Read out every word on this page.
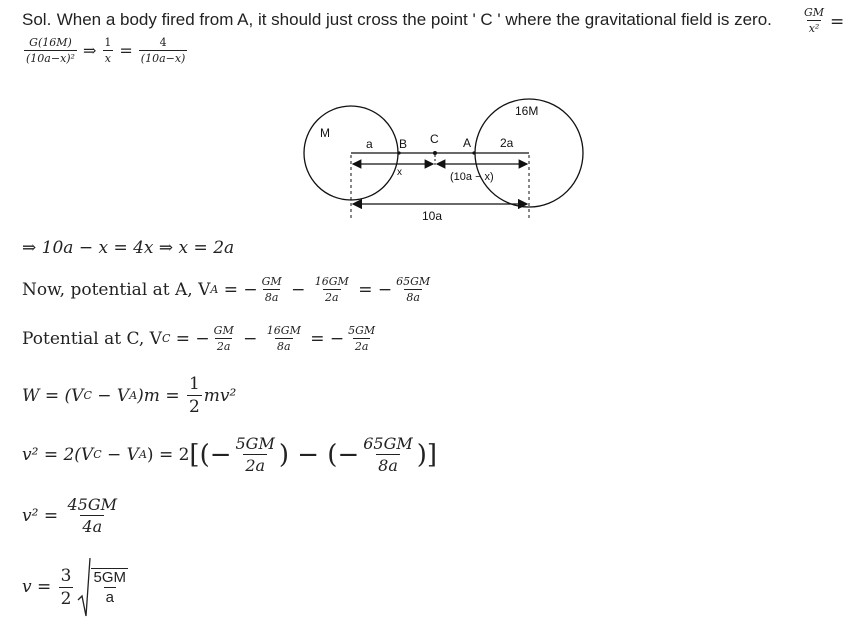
Sol. When a body fired from A, it should just cross the point ' C ' where the gravitational field is zero.	$\frac{GM}{\text{x²}}$ =
$\frac{G(16M)}{\text{(10a−x)²}}$ ⇒ $\frac{1}{x} = \frac{4}{(10a-x)}$
M
16M
a B C A 2a
x	(10a − x)
10a
⇒ 10a − x = 4x ⇒ x = 2a
Now, potential at A, V A = − $\frac{GM}{8a} - \frac{16GM}{2a}$ = − $\frac{65GM}{8a}$
Potential at C, V C = − $\frac{GM}{2a} - \frac{16GM}{8a}$ = − $\frac{5GM}{2a}$
W = (V C − V A )$m = \frac{1}{2} mv^2$
v² = 2(V C − V A ) = 2 [(− $\frac{5GM}{2a}$ ) − (− $\frac{65GM}{8a}$ )]
$v^2 = \frac{45GM}{4a}$
$v = \frac{3}{2} \frac{5GM}{a}$
